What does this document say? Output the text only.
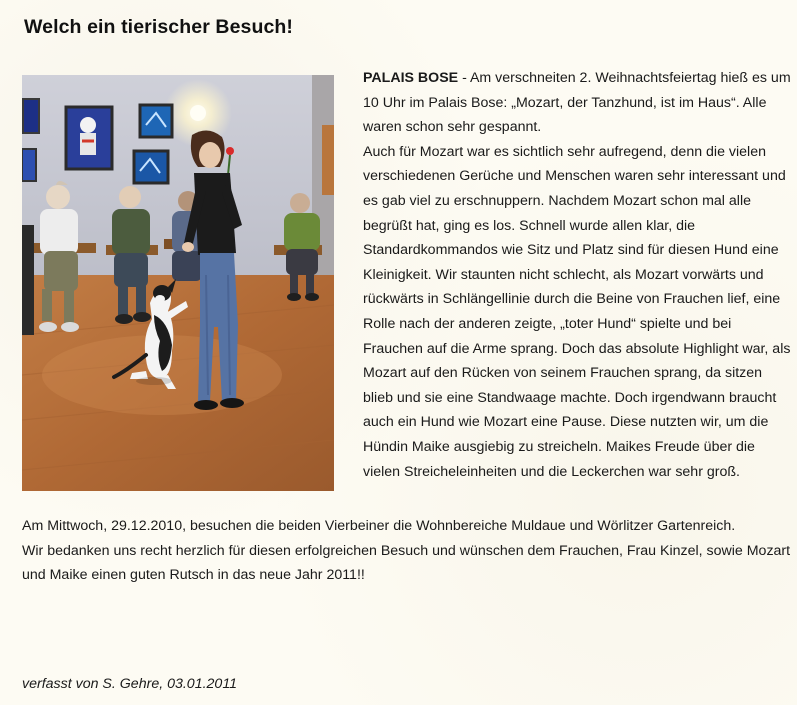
Welch ein tierischer Besuch!

PALAIS BOSE - Am verschneiten 2. Weihnachtsfeiertag hieß es um 10 Uhr im Palais Bose: „Mozart, der Tanzhund, ist im Haus“. Alle waren schon sehr gespannt.

Auch für Mozart war es sichtlich sehr aufregend, denn die vielen verschiedenen Gerüche und Menschen waren sehr interessant und es gab viel zu erschnuppern. Nachdem Mozart schon mal alle begrüßt hat, ging es los. Schnell wurde allen klar, die Standardkommandos wie Sitz und Platz sind für diesen Hund eine Kleinigkeit. Wir staunten nicht schlecht, als Mozart vorwärts und rückwärts in Schlängellinie durch die Beine von Frauchen lief, eine Rolle nach der anderen zeigte, „toter Hund“ spielte und bei Frauchen auf die Arme sprang. Doch das absolute Highlight war, als Mozart auf den Rücken von seinem Frauchen sprang, da sitzen blieb und sie eine Standwaage machte. Doch irgendwann braucht auch ein Hund wie Mozart eine Pause. Diese nutzten wir, um die Hündin Maike ausgiebig zu streicheln. Maikes Freude über die vielen Streicheleinheiten und die Leckerchen war sehr groß.

Am Mittwoch, 29.12.2010, besuchen die beiden Vierbeiner die Wohnbereiche Muldaue und Wörlitzer Gartenreich.

Wir bedanken uns recht herzlich für diesen erfolgreichen Besuch und wünschen dem Frauchen, Frau Kinzel, sowie Mozart und Maike einen guten Rutsch in das neue Jahr 2011!!

verfasst von S. Gehre, 03.01.2011
